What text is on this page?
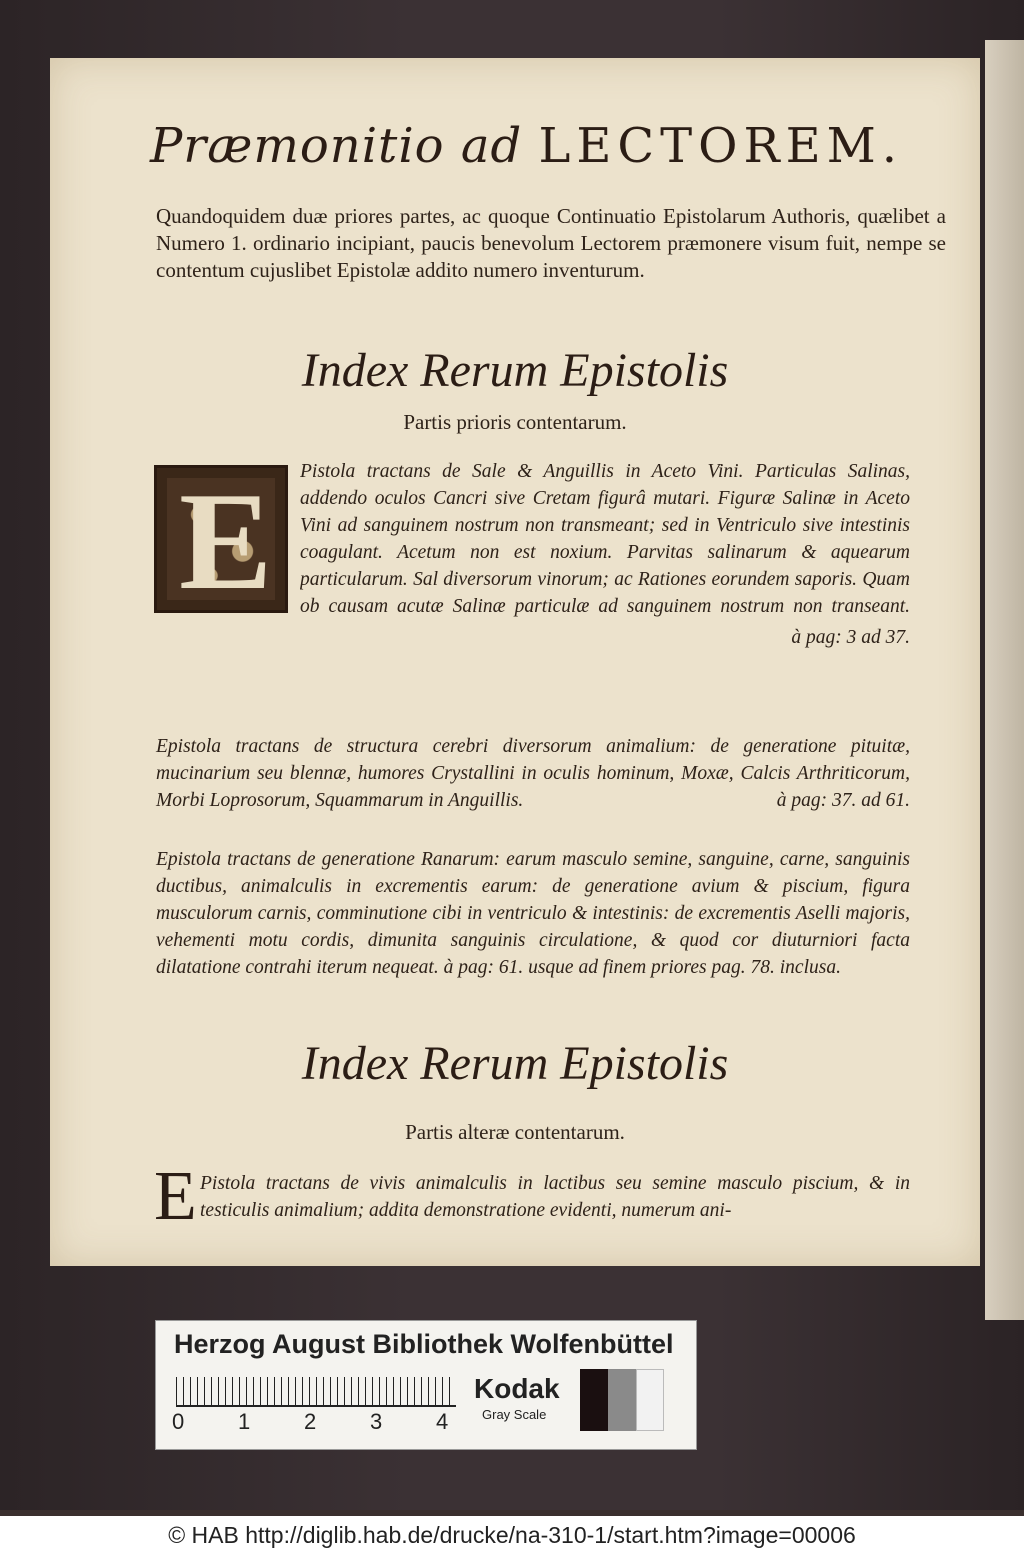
Præmonitio ad LECTOREM.
Quandoquidem duæ priores partes, ac quoque Continuatio Epistolarum Authoris, quælibet a Numero 1. ordinario incipiant, paucis benevolum Lectorem præmonere visum fuit, nempe se contentum cujuslibet Epistolæ addito numero inventurum.
Index Rerum Epistolis
Partis prioris contentarum.
E Pistola tractans de Sale & Anguillis in Aceto Vini. Particulas Salinas, addendo oculos Cancri sive Cretam figurâ mutari. Figuræ Salinæ in Aceto Vini ad sanguinem nostrum non transmeant; sed in Ventriculo sive intestinis coagulant. Acetum non est noxium. Parvitas salinarum & aquearum particularum. Sal diversorum vinorum; ac Rationes eorundem saporis. Quam ob causam acutæ Salinæ particulæ ad sanguinem nostrum non transeant.
à pag: 3 ad 37.
Epistola tractans de structura cerebri diversorum animalium: de generatione pituitæ, mucinarium seu blennæ, humores Crystallini in oculis hominum, Moxæ, Calcis Arthriticorum, Morbi Loprosorum, Squammarum in Anguillis.	à pag: 37. ad 61.
Epistola tractans de generatione Ranarum: earum masculo semine, sanguine, carne, sanguinis ductibus, animalculis in excrementis earum: de generatione avium & piscium, figura musculorum carnis, comminutione cibi in ventriculo & intestinis: de excrementis Aselli majoris, vehementi motu cordis, dimunita sanguinis circulatione, & quod cor diuturniori facta dilatatione contrahi iterum nequeat. à pag: 61. usque ad finem priores pag. 78. inclusa.
Index Rerum Epistolis
Partis alteræ contentarum.
E Pistola tractans de vivis animalculis in lactibus seu semine masculo piscium, & in testiculis animalium; addita demonstratione evidenti, numerum ani-
Herzog August Bibliothek Wolfenbüttel
0 1 2 3 4
Kodak
Gray Scale
© HAB http://diglib.hab.de/drucke/na-310-1/start.htm?image=00006
